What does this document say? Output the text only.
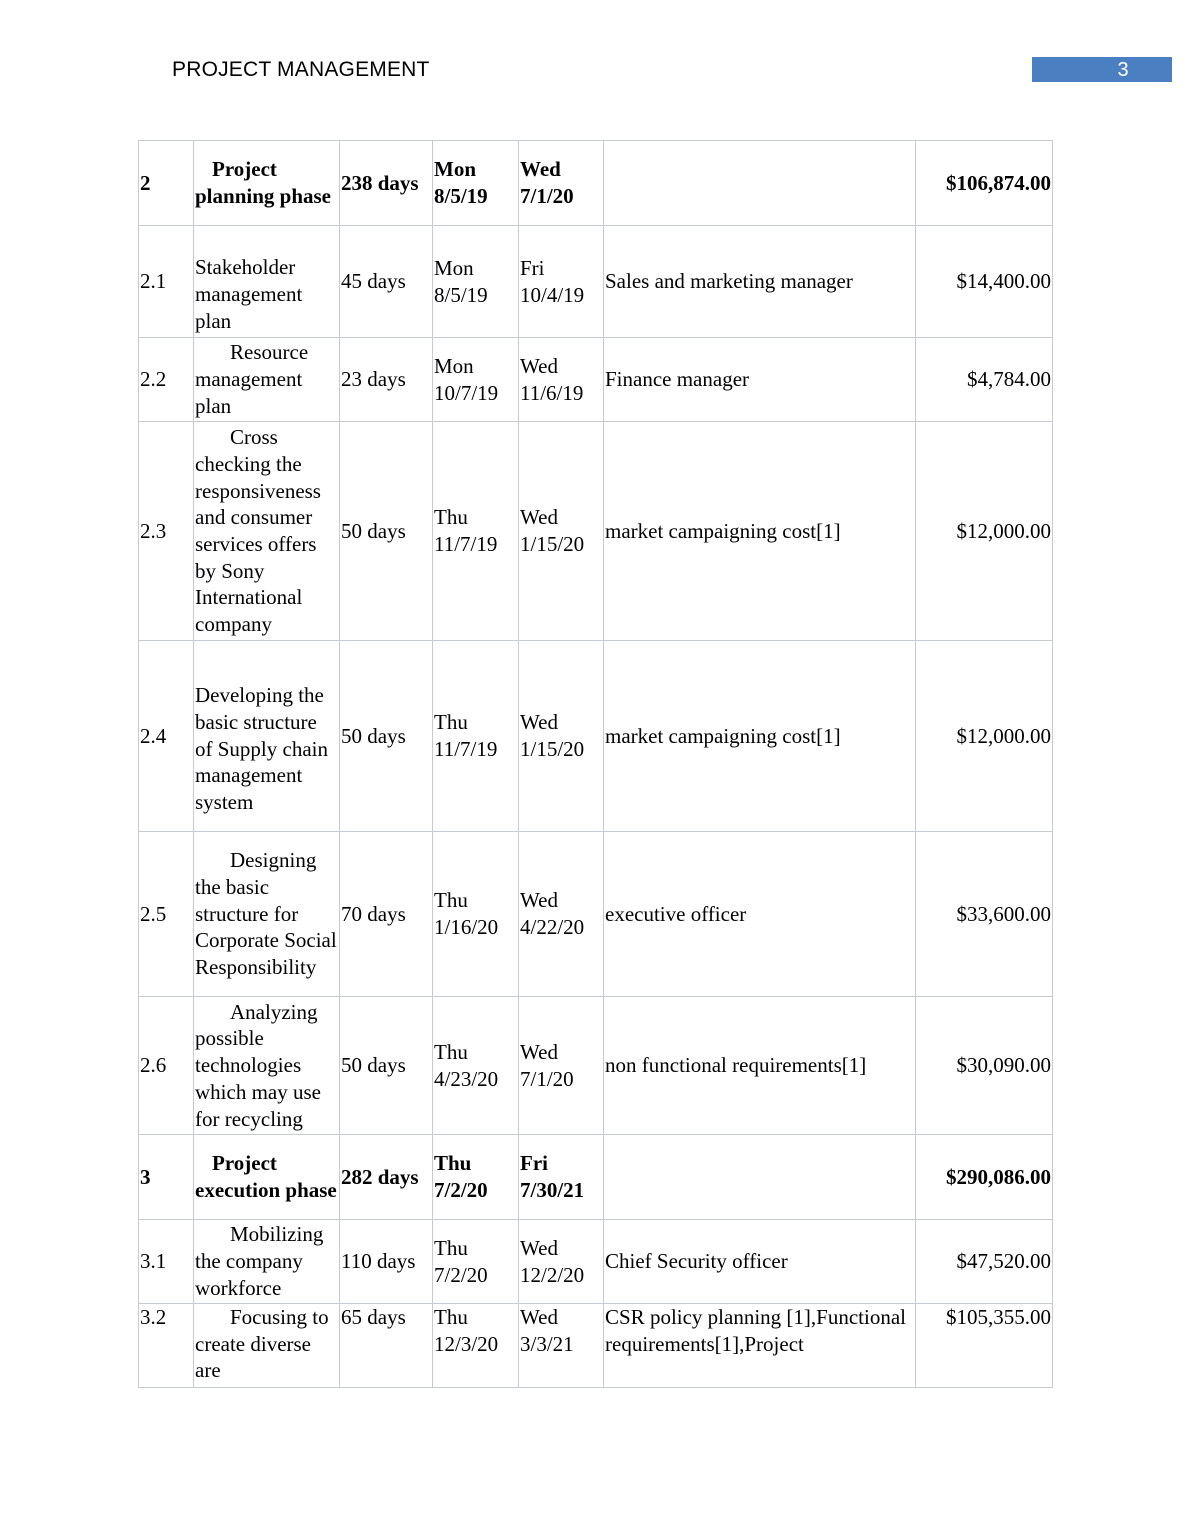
PROJECT MANAGEMENT	3
2	Project planning phase	238 days	Mon 8/5/19	Wed 7/1/20		$106,874.00
2.1	Stakeholder management plan	45 days	Mon 8/5/19	Fri 10/4/19	Sales and marketing manager	$14,400.00
2.2	Resource management plan	23 days	Mon 10/7/19	Wed 11/6/19	Finance manager	$4,784.00
2.3	Cross checking the responsiveness and consumer services offers by Sony International company	50 days	Thu 11/7/19	Wed 1/15/20	market campaigning cost[1]	$12,000.00
2.4	Developing the basic structure of Supply chain management system	50 days	Thu 11/7/19	Wed 1/15/20	market campaigning cost[1]	$12,000.00
2.5	Designing the basic structure for Corporate Social Responsibility	70 days	Thu 1/16/20	Wed 4/22/20	executive officer	$33,600.00
2.6	Analyzing possible technologies which may use for recycling	50 days	Thu 4/23/20	Wed 7/1/20	non functional requirements[1]	$30,090.00
3	Project execution phase	282 days	Thu 7/2/20	Fri 7/30/21		$290,086.00
3.1	Mobilizing the company workforce	110 days	Thu 7/2/20	Wed 12/2/20	Chief Security officer	$47,520.00
3.2	Focusing to create diverse are	65 days	Thu 12/3/20	Wed 3/3/21	CSR policy planning [1],Functional requirements[1],Project	$105,355.00
